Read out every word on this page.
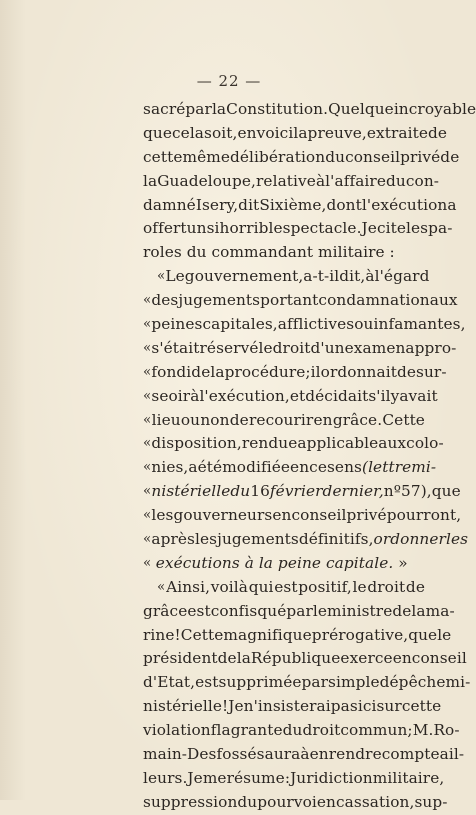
— 22 —
sacré par la Constitution. Quelque incroyable
que cela soit, en voici la preuve, extraite de
cette même délibération du conseil privé de
la Guadeloupe, relative à l'affaire du con-
damné Isery, dit Sixième, dont l'exécution a
offert un si horrible spectacle. Je cite les pa-
roles du commandant militaire :
« Le gouvernement, a-t-il dit, à l'égard
« des jugements portant condamnation aux
« peines capitales, afflictives ou infamantes,
« s'était réservé le droit d'un examen appro-
« fondi de la procédure; il ordonnait de sur-
« seoir à l'exécution, et décidait s'il y avait
« lieu ou non de recourir en grâce. Cette
« disposition, rendue applicable aux colo-
« nies, a été modifiée en ce sens (lettre mi-
« nistérielle du 16 février dernier, nº 57), que
« les gouverneurs en conseil privé pourront,
« après les jugements définitifs, ordonner les
« exécutions à la peine capitale. »
« Ainsi, voilà qui est positif, le droit de
grâce est confisqué par le ministre de la ma-
rine! Cette magnifique prérogative, que le
président de la République exerce en conseil
d'Etat, est supprimée par simple dépêche mi-
nistérielle! Je n'insisterai pas ici sur cette
violation flagrante du droit commun; M. Ro-
main-Desfossés aura à en rendre compte ail-
leurs. Je me résume : Juridiction militaire,
suppression du pourvoi en cassation, sup-
